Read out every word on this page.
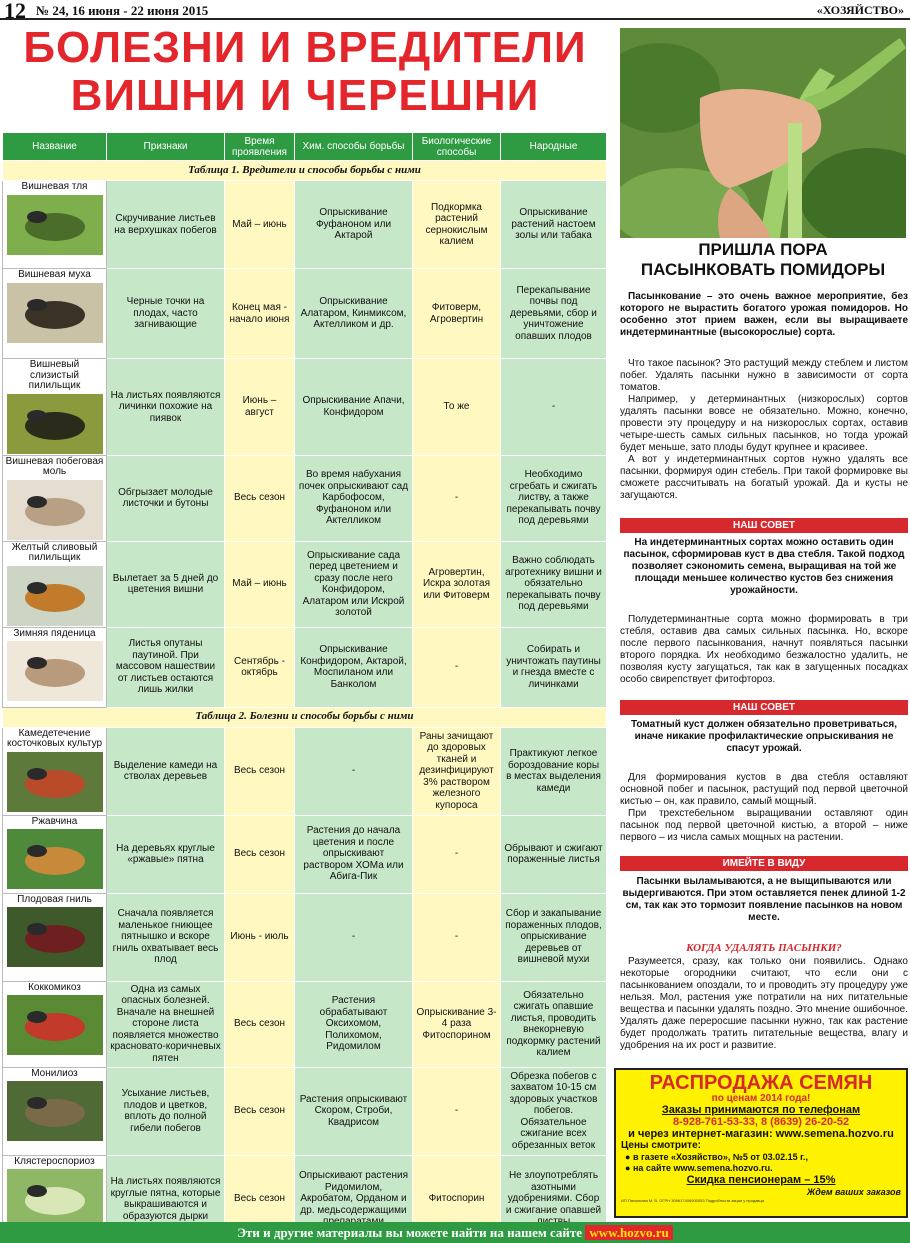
12 № 24, 16 июня - 22 июня 2015	«ХОЗЯЙСТВО»
БОЛЕЗНИ И ВРЕДИТЕЛИ
ВИШНИ И ЧЕРЕШНИ
Название	Признаки	Время проявления	Хим. способы борьбы	Биологические способы	Народные
Таблица 1. Вредители и способы борьбы с ними					

Вишневая тля	Скручивание листьев на верхушках побегов	Май – июнь	Опрыскивание Фуфаноном или Актарой	Подкормка растений сернокислым калием	Опрыскивание растений настоем золы или табака

Вишневая муха	Черные точки на плодах, часто загнивающие	Конец мая - начало июня	Опрыскивание Алатаром, Кинмиксом, Актелликом и др.	Фитоверм, Агровертин	Перекапывание почвы под деревьями, сбор и уничтожение опавших плодов

Вишневый слизистый пилильщик	На листьях появляются личинки похожие на пиявок	Июнь – август	Опрыскивание Апачи, Конфидором	То же	-

Вишневая побеговая моль	Обгрызает молодые листочки и бутоны	Весь сезон	Во время набухания почек опрыскивают сад Карбофосом, Фуфаноном или Актелликом	-	Необходимо сгребать и сжигать листву, а также перекапывать почву под деревьями

Желтый сливовый пилильщик	Вылетает за 5 дней до цветения вишни	Май – июнь	Опрыскивание сада перед цветением и сразу после него Конфидором, Алатаром или Искрой золотой	Агровертин, Искра золотая или Фитоверм	Важно соблюдать агротехнику вишни и обязательно перекапывать почву под деревьями

Зимняя пяденица	Листья опутаны паутиной. При массовом нашествии от листьев остаются лишь жилки	Сентябрь - октябрь	Опрыскивание Конфидором, Актарой, Моспиланом или Банколом	-	Собирать и уничтожать паутины и гнезда вместе с личинками
Таблица 2. Болезни и способы борьбы с ними					

Камедетечение косточковых культур	Выделение камеди на стволах деревьев	Весь сезон	-	Раны зачищают до здоровых тканей и дезинфицируют 3% раствором железного купороса	Практикуют легкое бороздование коры в местах выделения камеди

Ржавчина	На деревьях круглые «ржавые» пятна	Весь сезон	Растения до начала цветения и после опрыскивают раствором ХОМа или Абига-Пик	-	Обрывают и сжигают пораженные листья

Плодовая гниль	Сначала появляется маленькое гниющее пятнышко и вскоре гниль охватывает весь плод	Июнь - июль	-	-	Сбор и закапывание пораженных плодов, опрыскивание деревьев от вишневой мухи

Коккомикоз	Одна из самых опасных болезней. Вначале на внешней стороне листа появляется множество красновато-коричневых пятен	Весь сезон	Растения обрабатывают Оксихомом, Полихомом, Ридомилом	Опрыскивание 3-4 раза Фитоспорином	Обязательно сжигать опавшие листья, проводить внекорневую подкормку растений калием

Монилиоз	Усыхание листьев, плодов и цветков, вплоть до полной гибели побегов	Весь сезон	Растения опрыскивают Скором, Строби, Квадрисом	-	Обрезка побегов с захватом 10-15 см здоровых участков побегов. Обязательное сжигание всех обрезанных веток

Клястероспориоз	На листьях появляются круглые пятна, которые выкрашиваются и образуются дырки	Весь сезон	Опрыскивают растения Ридомилом, Акробатом, Орданом и др. медьсодержащими	Фитоспорин	Не злоупотреблять азотными удобрениями. Сбор и сжигание опавшей
ПРИШЛА ПОРА
ПАСЫНКОВАТЬ ПОМИДОРЫ

Пасынкование – это очень важное мероприятие, без которого не вырастить богатого урожая помидоров. Но особенно этот прием важен, если вы выращиваете индетерминантные (высокорослые) сорта.

Что такое пасынок? Это растущий между стеблем и листом побег. Удалять пасынки нужно в зависимости от сорта томатов.

Например, у детерминантных (низкорослых) сортов удалять пасынки вовсе не обязательно. Можно, конечно, провести эту процедуру и на низкорослых сортах, оставив четыре-шесть самых сильных пасынков, но тогда урожай будет меньше, зато плоды будут крупнее и красивее.

А вот у индетерминантных сортов нужно удалять все пасынки, формируя один стебель. При такой формировке вы сможете рассчитывать на богатый урожай. Да и кусты не загущаются.

НАШ СОВЕТ

На индетерминантных сортах можно оставить один пасынок, сформировав куст в два стебля. Такой подход позволяет сэкономить семена, выращивая на той же площади меньшее количество кустов без снижения урожайности.

Полудетерминантные сорта можно формировать в три стебля, оставив два самых сильных пасынка. Но, вскоре после первого пасынкования, начнут появляться пасынки второго порядка. Их необходимо безжалостно удалить, не позволяя кусту загущаться, так как в загущенных посадках особо свирепствует фитофтороз.

НАШ СОВЕТ

Томатный куст должен обязательно проветриваться, иначе никакие профилактические опрыскивания не спасут урожай.

Для формирования кустов в два стебля оставляют основной побег и пасынок, растущий под первой цветочной кистью – он, как правило, самый мощный.

При трехстебельном выращивании оставляют один пасынок под первой цветочной кистью, а второй – ниже первого – из числа самых мощных на растении.

ИМЕЙТЕ В ВИДУ

Пасынки выламываются, а не выщипываются или выдергиваются. При этом оставляется пенек длиной 1-2 см, так как это тормозит появление пасынков на новом месте.

КОГДА УДАЛЯТЬ ПАСЫНКИ?

Разумеется, сразу, как только они появились. Однако некоторые огородники считают, что если они с пасынкованием опоздали, то и проводить эту процедуру уже нельзя. Мол, растения уже потратили на них питательные вещества и пасынки удалять поздно. Это мнение ошибочное. Удалять даже переросшие пасынки нужно, так как растение будет продолжать тратить питательные вещества, влагу и удобрения на их рост и развитие.

РАСПРОДАЖА СЕМЯН
по ценам 2014 года!
Заказы принимаются по телефонам
8-928-761-53-33, 8 (8639) 26-20-52
и через интернет-магазин: www.semena.hozvo.ru
Цены смотрите:
● в газете «Хозяйство», №5 от 03.02.15 г.,
● на сайте www.semena.hozvo.ru.
Скидка пенсионерам – 15%
Ждем ваших заказов
ИП Пахолкова М. В. ОГРН 309617406900053 Подробности акции у продавца
Эти и другие материалы вы можете найти на нашем сайте www.hozvo.ru
